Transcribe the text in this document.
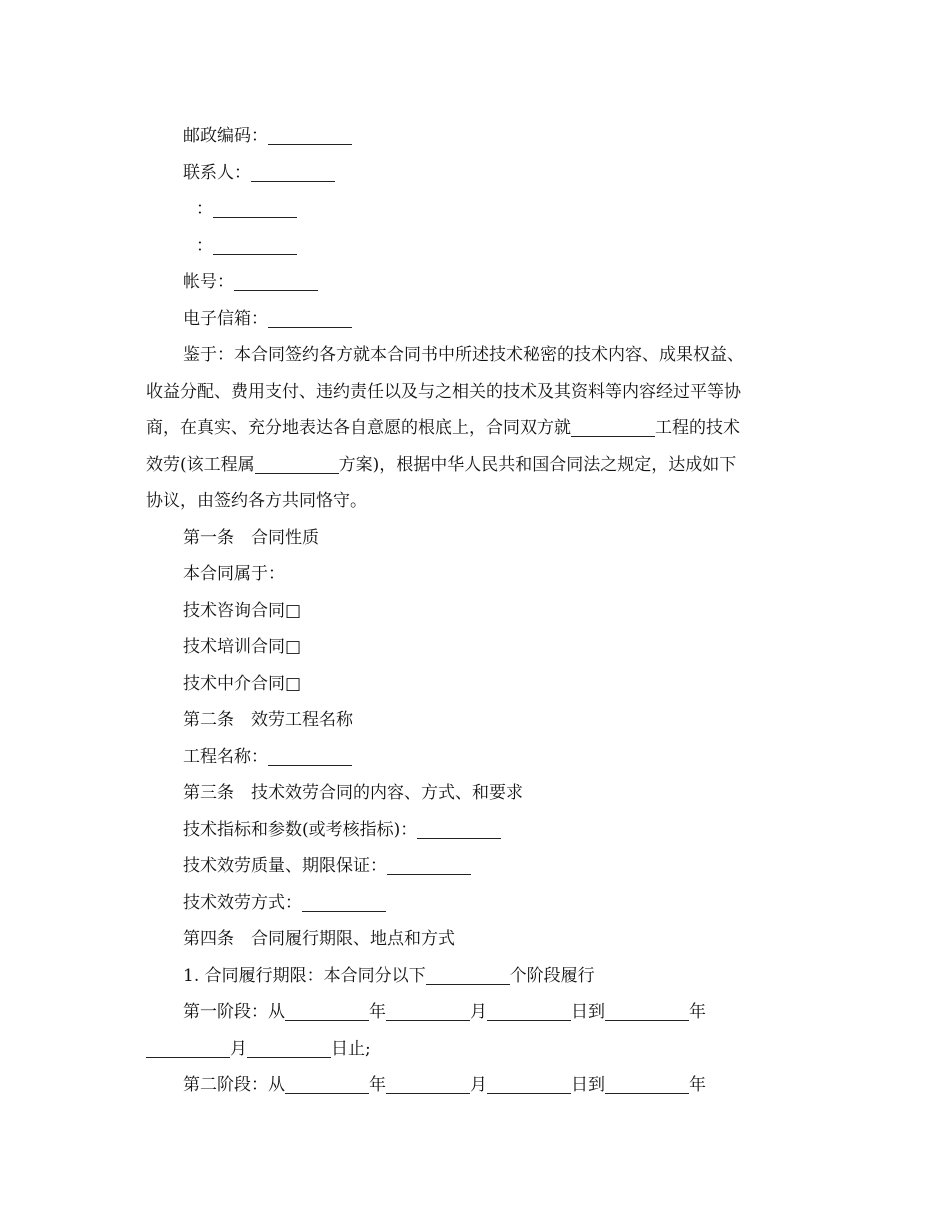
邮政编码：

联系人：

：

：

帐号：

电子信箱：

鉴于：本合同签约各方就本合同书中所述技术秘密的技术内容、成果权益、

收益分配、费用支付、违约责任以及与之相关的技术及其资料等内容经过平等协

商，在真实、充分地表达各自意愿的根底上，合同双方就	工程的技术

效劳(该工程属	方案)，根据中华人民共和国合同法之规定，达成如下

协议，由签约各方共同恪守。

第一条　合同性质

本合同属于：

技术咨询合同□

技术培训合同□

技术中介合同□

第二条　效劳工程名称

工程名称：

第三条　技术效劳合同的内容、方式、和要求

技术指标和参数(或考核指标)：

技术效劳质量、期限保证：

技术效劳方式：

第四条　合同履行期限、地点和方式

1. 合同履行期限：本合同分以下	个阶段履行

第一阶段：从	年	月	日到	年

月	日止;

第二阶段：从	年	月	日到	年
